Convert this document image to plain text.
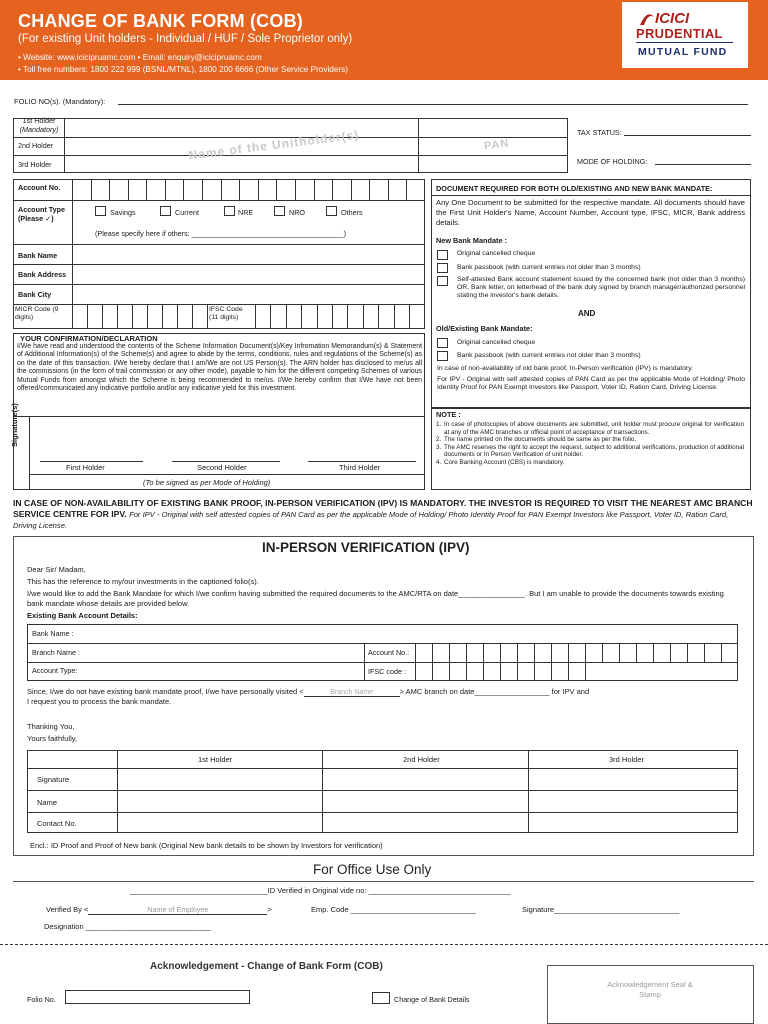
CHANGE OF BANK FORM (COB)
(For existing Unit holders - Individual / HUF / Sole Proprietor only)
• Website: www.icicipruamc.com • Email: enquiry@icicipruamc.com
• Toll free numbers: 1800 222 999 (BSNL/MTNL), 1800 200 6666 (Other Service Providers)
ICICI
PRUDENTIAL
MUTUAL FUND
FOLIO NO(s). (Mandatory):
1st Holder
(Mandatory)
2nd Holder
3rd Holder
Name of the Unitholder(s)	PAN
TAX STATUS:
MODE OF HOLDING:
Account No.
Account Type (Please ✓)
Savings	Current	NRE	NRO	Others
(Please specify here if others: ______________________________________)
Bank Name
Bank Address
Bank City
MICR Code (9 digits)
IFSC Code (11 digits)
YOUR CONFIRMATION/DECLARATION
I/We have read and understood the contents of the Scheme Information Document(s)/Key Infromation Memorandum(s) & Statement of Additional Information(s) of the Scheme(s) and agree to abide by the terms, conditions, rules and regulations of the Scheme(s) as on the date of this transaction. I/We hereby declare that I am/We are not US Person(s). The ARN holder has disclosed to me/us all the commissions (in the form of trail commission or any other mode), payable to him for the different competing Schemes of various Mutual Funds from amongst which the Scheme is being recommended to me/us. I/We hereby confirm that I/We have not been offered/communicated any indicative portfolio and/or any indicative yield for this investment.
Signature(s)
First Holder	Second Holder	Third Holder
(To be signed as per Mode of Holding)
DOCUMENT REQUIRED FOR BOTH OLD/EXISTING AND NEW BANK MANDATE:
Any One Document to be submitted for the respective mandate. All documents should have the First Unit Holder's Name, Account Number, Account type, IFSC, MICR, Bank address details.
New Bank Mandate :
Original cancelled cheque
Bank passbook (with current entries not older than 3 months)
Self-attested Bank account statement issued by the concerned bank (not older than 3 months) OR, Bank letter, on letterhead of the bank duly signed by branch manager/authorized personnel stating the investor's bank details.
AND
Old/Existing Bank Mandate:
Original cancelled cheque
Bank passbook (with current entries not older than 3 months)
In case of non-availability of old bank proof, In-Person verification (IPV) is mandatory.
For IPV - Original with self attested copies of PAN Card as per the applicable Mode of Holding/ Photo Identity Proof for PAN Exempt Investors like Passport, Voter ID, Ration Card, Driving License.
NOTE :
1. In case of photocopies of above documents are submitted, unit holder must procure original for verification at any of the AMC branches or official point of acceptance of transactions.
2. The name printed on the documents should be same as per the folio.
3. The AMC reserves the right to accept the request, subject to additional verifications, production of additional documents or In Person Verification of unit holder.
4. Core Banking Account (CBS) is mandatory.
IN CASE OF NON-AVAILABILITY OF EXISTING BANK PROOF, IN-PERSON VERIFICATION (IPV) IS MANDATORY. THE INVESTOR IS REQUIRED TO VISIT THE NEAREST AMC BRANCH SERVICE CENTRE FOR IPV. For IPV - Original with self attested copies of PAN Card as per the applicable Mode of Holding/ Photo Identity Proof for PAN Exempt Investors like Passport, Voter ID, Ration Card, Driving License.
IN-PERSON VERIFICATION (IPV)
Dear Sir/ Madam,
This has the reference to my/our investments in the captioned folio(s).
I/we would like to add the Bank Mandate for which I/we confirm having submitted the required documents to the AMC/RTA on date________________. But I am unable to provide the documents towards existing bank mandate whose details are provided below.
Existing Bank Account Details:
Bank Name :
Branch Name :
Account Type:
Account No.:
IFSC code :
Since, I/we do not have existing bank mandate proof, I/we have personally visited <	Branch Name	> AMC branch on date__________________ for IPV and
I request you to process the bank mandate.
Thanking You,
Yours faithfully,
1st Holder	2nd Holder	3rd Holder
Signature
Name
Contact No.
Encl.: ID Proof and Proof of New bank (Original New bank details to be shown by Investors for verification)
For Office Use Only
_________________________________ID Verified in Original vide no: __________________________________
Verified By <	Name of Employee	>	Emp. Code ______________________________	Signature______________________________
Designation ______________________________
Acknowledgement - Change of Bank Form (COB)
Acknowledgement Seal & Stamp
Folio No.	Change of Bank Details
